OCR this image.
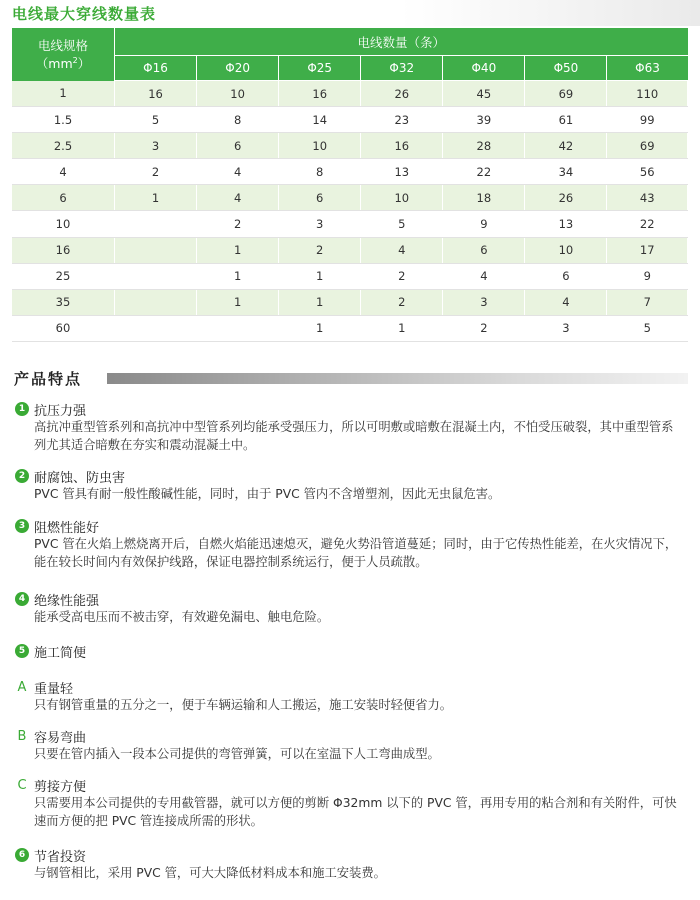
电线最大穿线数量表
电线规格
$(mm^2)$	电线数量（条）						
	Φ16	Φ20	Φ25	Φ32	Φ40	Φ50	Φ63
1	16	10	16	26	45	69	110
1.5	5	8	14	23	39	61	99
2.5	3	6	10	16	28	42	69
4	2	4	8	13	22	34	56
6	1	4	6	10	18	26	43
10		2	3	5	9	13	22
16		1	2	4	6	10	17
25		1	1	2	4	6	9
35		1	1	2	3	4	7
60			1	1	2	3	5
产品特点
1 抗压力强
高抗冲重型管系列和高抗冲中型管系列均能承受强压力，所以可明敷或暗敷在混凝土内，不怕受压破裂，其中重型管系列尤其适合暗敷在夯实和震动混凝土中。
2 耐腐蚀、防虫害
PVC 管具有耐一般性酸碱性能，同时，由于 PVC 管内不含增塑剂，因此无虫鼠危害。
3 阻燃性能好
PVC 管在火焰上燃烧离开后，自燃火焰能迅速熄灭，避免火势沿管道蔓延；同时，由于它传热性能差，在火灾情况下，能在较长时间内有效保护线路，保证电器控制系统运行，便于人员疏散。
4 绝缘性能强
能承受高电压而不被击穿，有效避免漏电、触电危险。
5 施工简便
A 重量轻
只有钢管重量的五分之一，便于车辆运输和人工搬运，施工安装时轻便省力。
B 容易弯曲
只要在管内插入一段本公司提供的弯管弹簧，可以在室温下人工弯曲成型。
C 剪接方便
只需要用本公司提供的专用截管器，就可以方便的剪断 Φ32mm 以下的 PVC 管，再用专用的粘合剂和有关附件，可快速而方便的把 PVC 管连接成所需的形状。
6 节省投资
与钢管相比，采用 PVC 管，可大大降低材料成本和施工安装费。
